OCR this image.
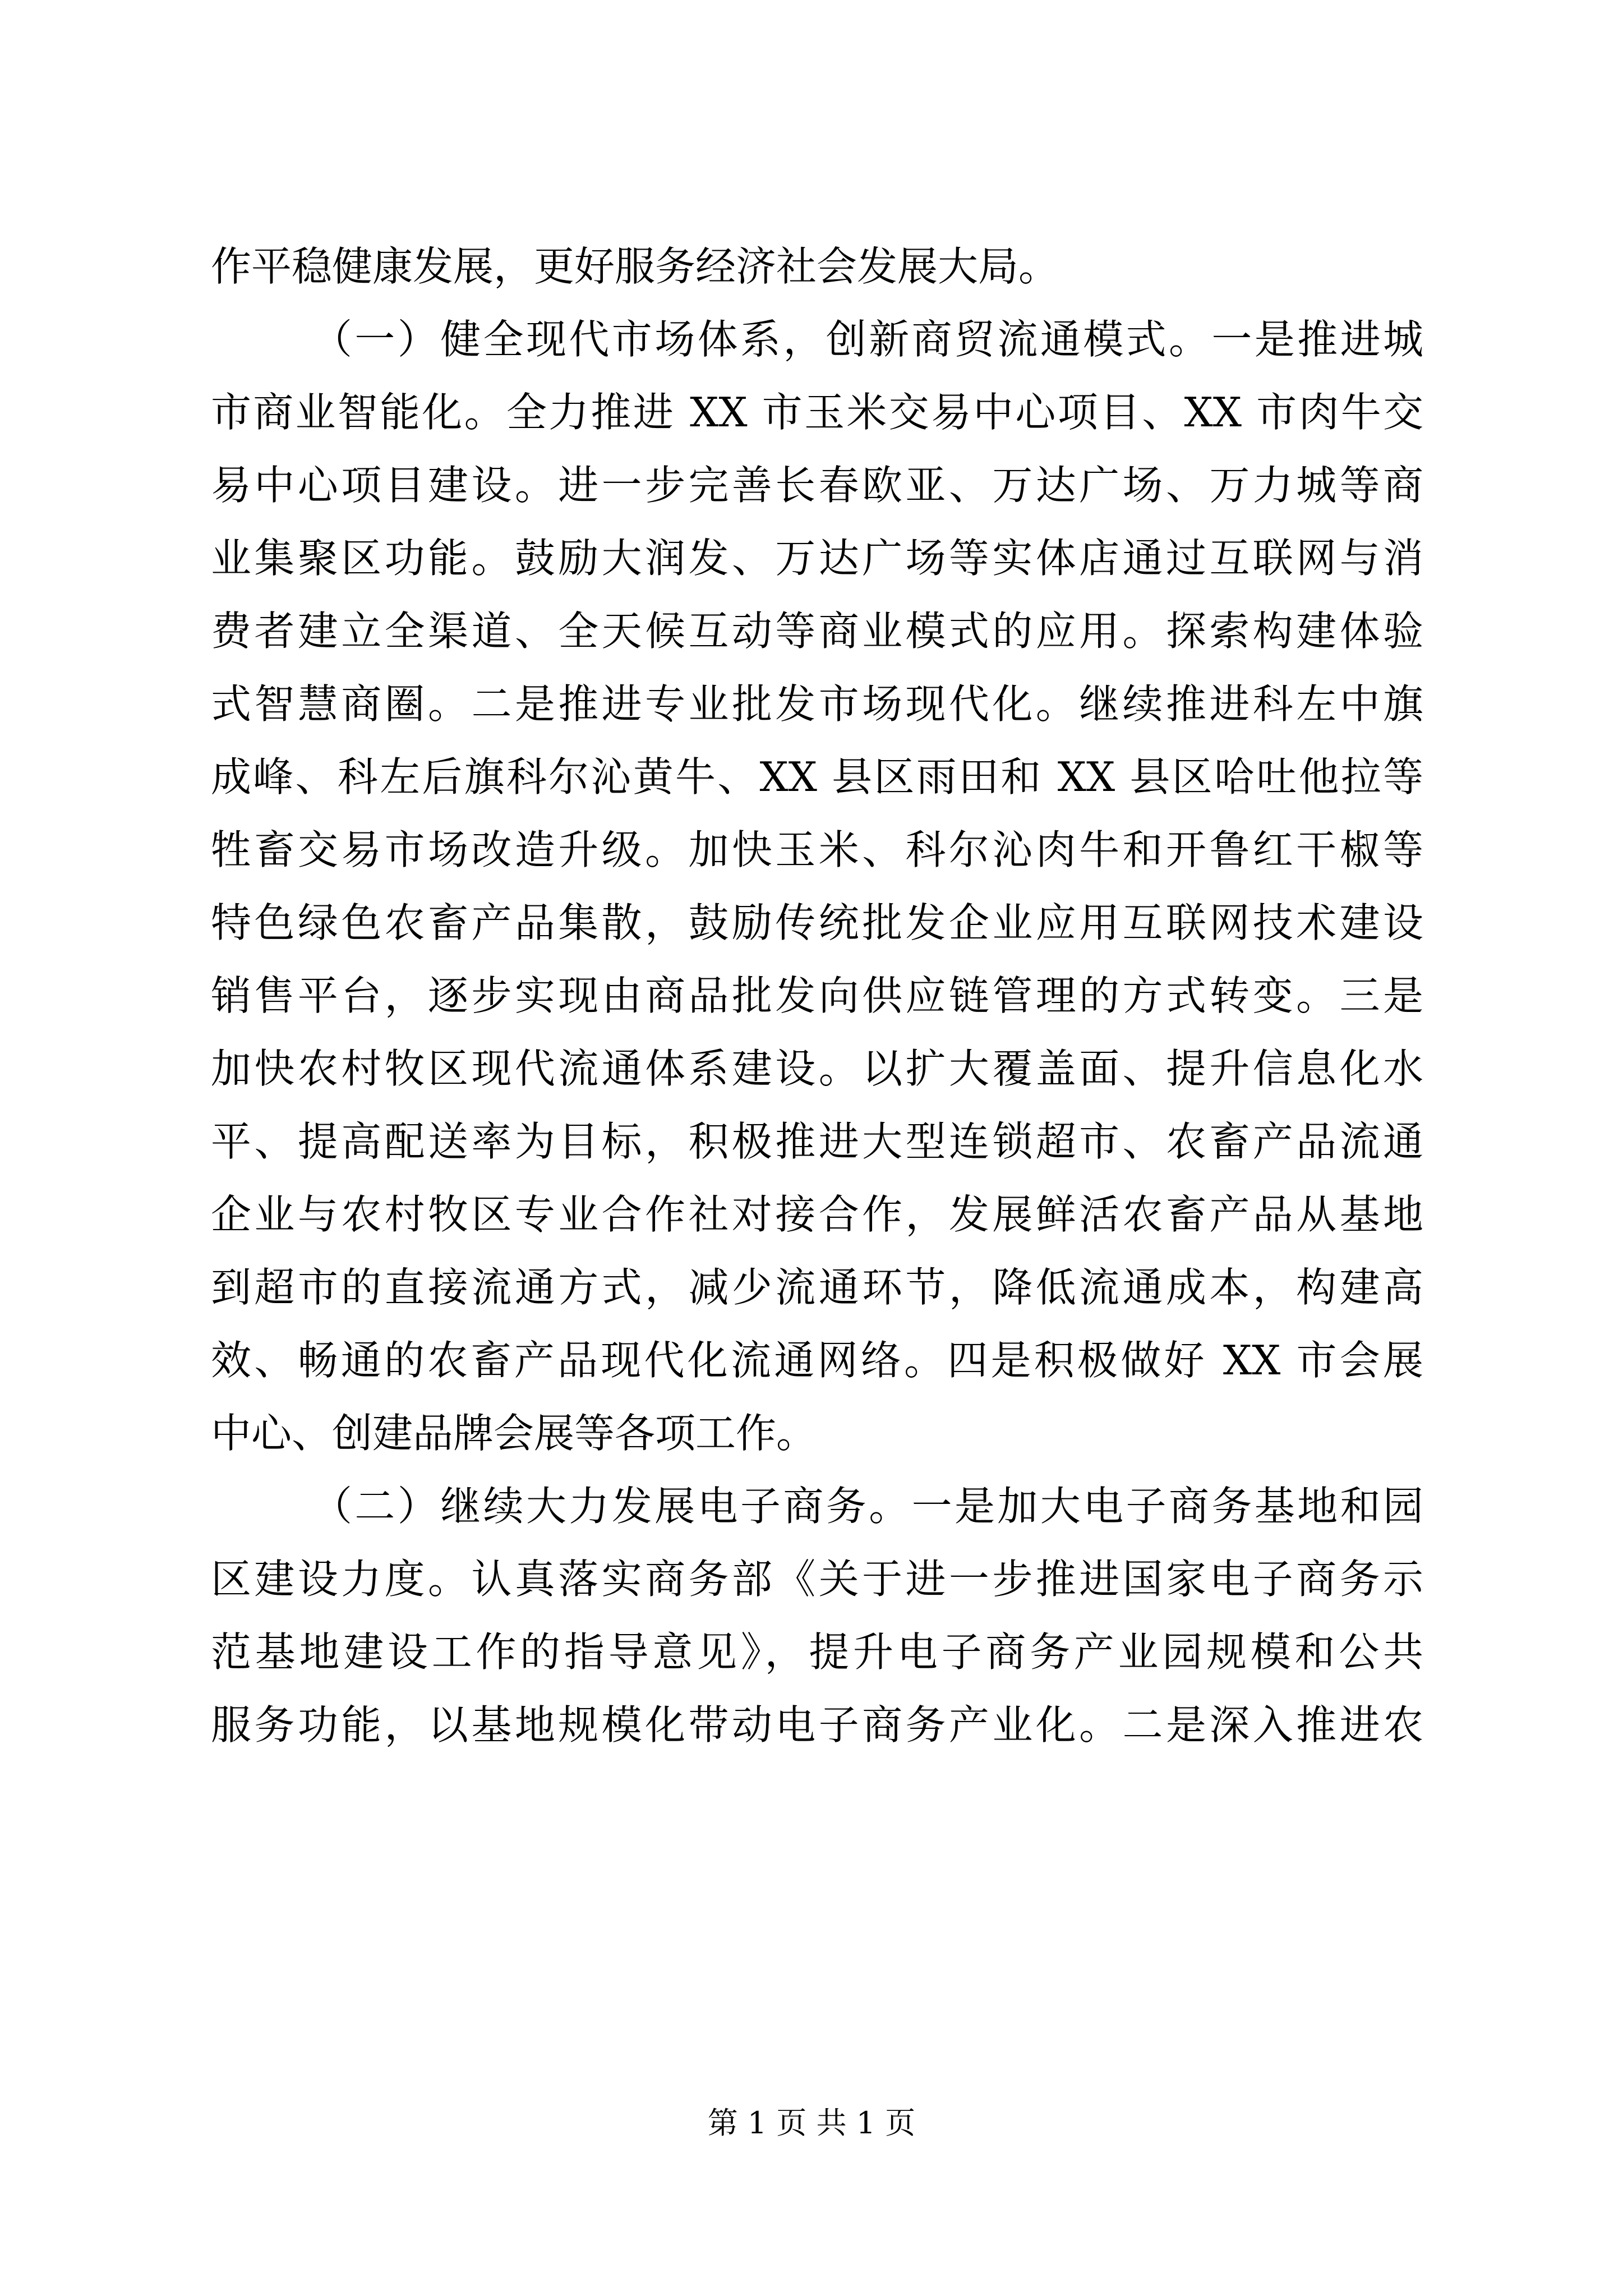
作平稳健康发展，更好服务经济社会发展大局。
（一）健全现代市场体系，创新商贸流通模式。一是推进城
市商业智能化。全力推进 XX 市玉米交易中心项目、XX 市肉牛交
易中心项目建设。进一步完善长春欧亚、万达广场、万力城等商
业集聚区功能。鼓励大润发、万达广场等实体店通过互联网与消
费者建立全渠道、全天候互动等商业模式的应用。探索构建体验
式智慧商圈。二是推进专业批发市场现代化。继续推进科左中旗
成峰、科左后旗科尔沁黄牛、XX 县区雨田和 XX 县区哈吐他拉等
牲畜交易市场改造升级。加快玉米、科尔沁肉牛和开鲁红干椒等
特色绿色农畜产品集散，鼓励传统批发企业应用互联网技术建设
销售平台，逐步实现由商品批发向供应链管理的方式转变。三是
加快农村牧区现代流通体系建设。以扩大覆盖面、提升信息化水
平、提高配送率为目标，积极推进大型连锁超市、农畜产品流通
企业与农村牧区专业合作社对接合作，发展鲜活农畜产品从基地
到超市的直接流通方式，减少流通环节，降低流通成本，构建高
效、畅通的农畜产品现代化流通网络。四是积极做好 XX 市会展
中心、创建品牌会展等各项工作。
（二）继续大力发展电子商务。一是加大电子商务基地和园
区建设力度。认真落实商务部《关于进一步推进国家电子商务示
范基地建设工作的指导意见》，提升电子商务产业园规模和公共
服务功能，以基地规模化带动电子商务产业化。二是深入推进农
第 1 页 共 1 页
